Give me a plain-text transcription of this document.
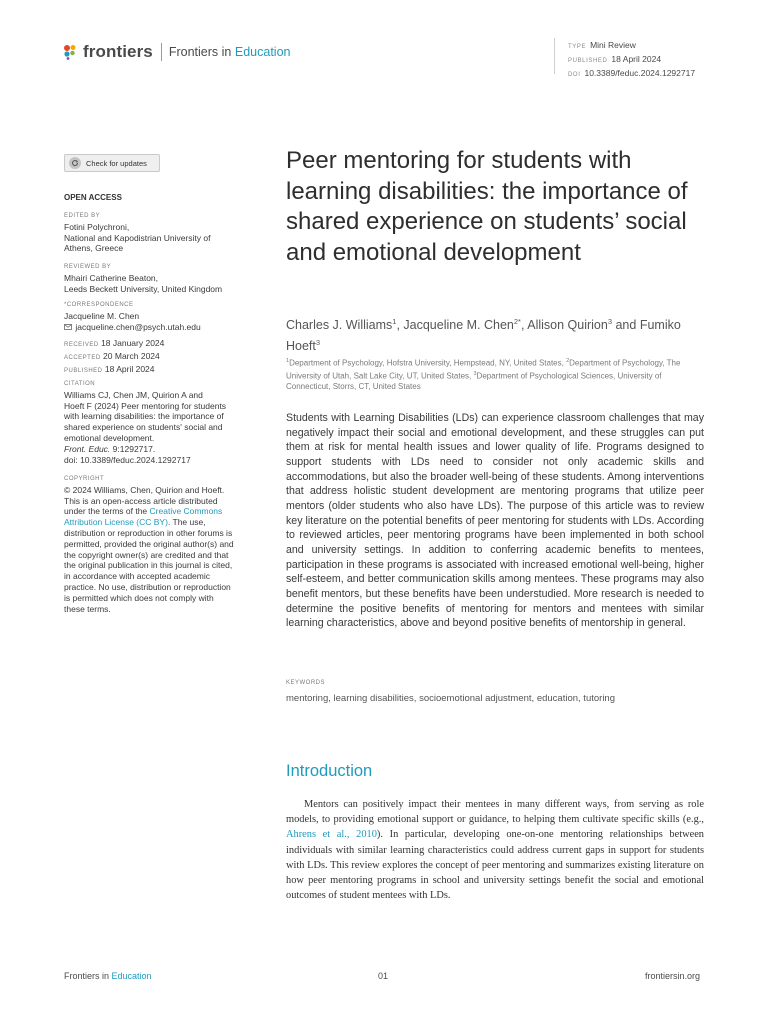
frontiers Frontiers in Education	TYPE Mini Review
PUBLISHED 18 April 2024
DOI 10.3389/feduc.2024.1292717
Check for updates
OPEN ACCESS
EDITED BY
Fotini Polychroni,
National and Kapodistrian University of
Athens, Greece
REVIEWED BY
Mhairi Catherine Beaton,
Leeds Beckett University, United Kingdom
*CORRESPONDENCE
Jacqueline M. Chen
jacqueline.chen@psych.utah.edu
RECEIVED 18 January 2024
ACCEPTED 20 March 2024
PUBLISHED 18 April 2024
CITATION
Williams CJ, Chen JM, Quirion A and
Hoeft F (2024) Peer mentoring for students
with learning disabilities: the importance of
shared experience on students' social and
emotional development.
Front. Educ. 9:1292717.
doi: 10.3389/feduc.2024.1292717
COPYRIGHT
© 2024 Williams, Chen, Quirion and Hoeft.
This is an open-access article distributed
under the terms of the Creative Commons
Attribution License (CC BY). The use,
distribution or reproduction in other forums is
permitted, provided the original author(s) and
the copyright owner(s) are credited and that
the original publication in this journal is cited,
in accordance with accepted academic
practice. No use, distribution or reproduction
is permitted which does not comply with
these terms.
Peer mentoring for students with learning disabilities: the importance of shared experience on students’ social and emotional development
Charles J. Williams$^1$, Jacqueline M. Chen$^{2*}$, Allison Quirion$^3$ and Fumiko Hoeft$^3$
$^1$Department of Psychology, Hofstra University, Hempstead, NY, United States, $^2$Department of Psychology, The University of Utah, Salt Lake City, UT, United States, $^3$Department of Psychological Sciences, University of Connecticut, Storrs, CT, United States
Students with Learning Disabilities (LDs) can experience classroom challenges that may negatively impact their social and emotional development, and these struggles can put them at risk for mental health issues and lower quality of life. Programs designed to support students with LDs need to consider not only academic skills and accommodations, but also the broader well-being of these students. Among interventions that address holistic student development are mentoring programs that utilize peer mentors (older students who also have LDs). The purpose of this article was to review key literature on the potential benefits of peer mentoring for students with LDs. According to reviewed articles, peer mentoring programs have been implemented in both school and university settings. In addition to conferring academic benefits to mentees, participation in these programs is associated with increased emotional well-being, higher self-esteem, and better communication skills among mentees. These programs may also benefit mentors, but these benefits have been understudied. More research is needed to determine the positive benefits of mentoring for mentors and mentees with similar learning characteristics, above and beyond positive benefits of mentorship in general.
KEYWORDS
mentoring, learning disabilities, socioemotional adjustment, education, tutoring
Introduction
Mentors can positively impact their mentees in many different ways, from serving as role models, to providing emotional support or guidance, to helping them cultivate specific skills (e.g., Ahrens et al., 2010). In particular, developing one-on-one mentoring relationships between individuals with similar learning characteristics could address current gaps in support for students with LDs. This review explores the concept of peer mentoring and summarizes existing literature on how peer mentoring programs in school and university settings benefit the social and emotional outcomes of student mentees with LDs.
Frontiers in Education	01	frontiersin.org
